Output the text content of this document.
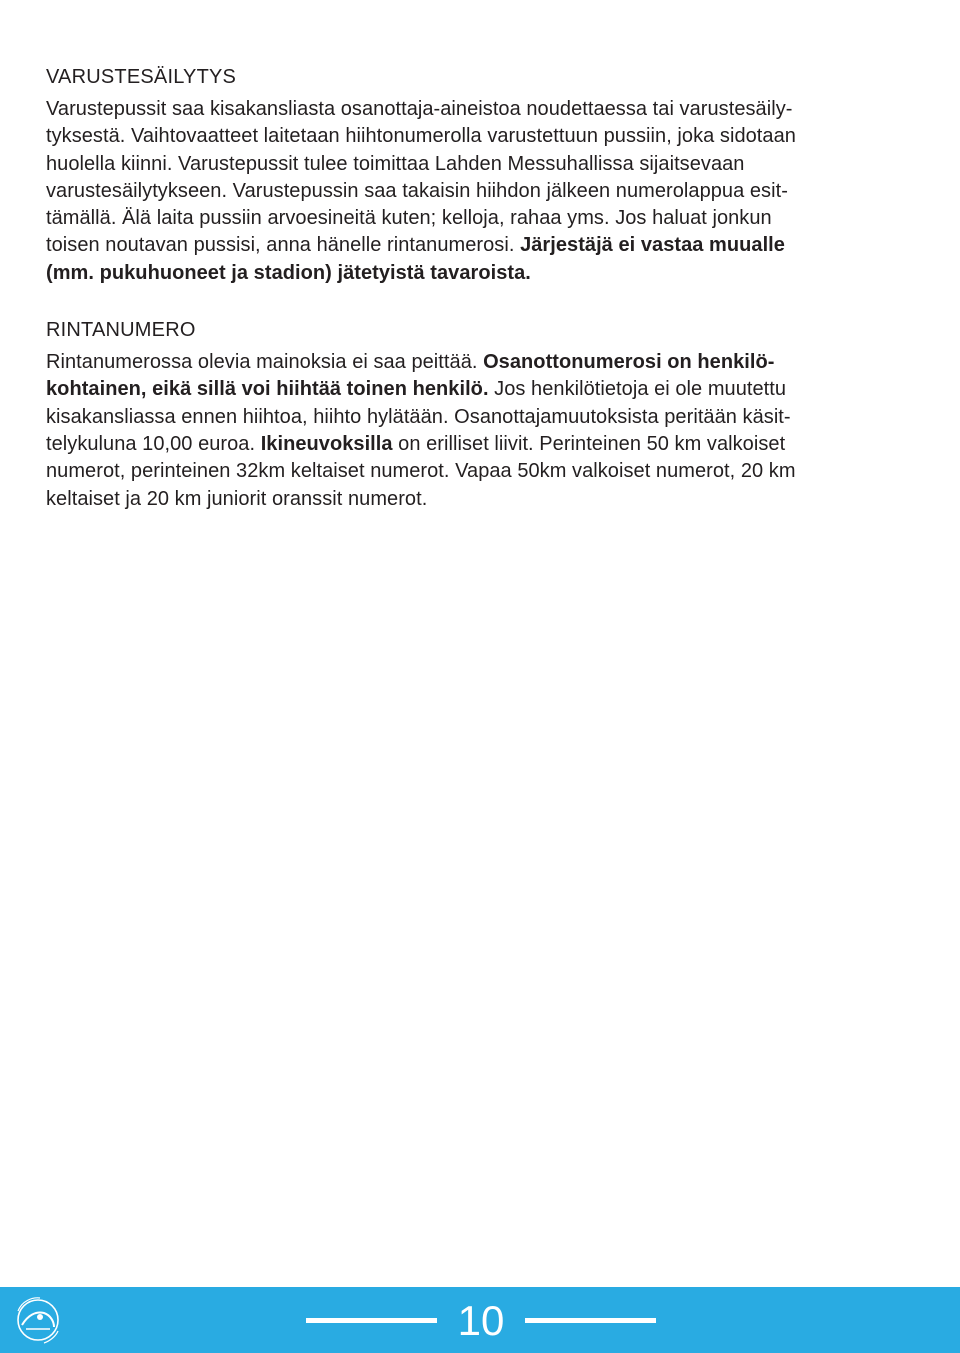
VARUSTESÄILYTYS
Varustepussit saa kisakansliasta osanottaja-aineistoa noudettaessa tai varustesäily-
tyksestä. Vaihtovaatteet laitetaan hiihtonumerolla varustettuun pussiin, joka sidotaan
huolella kiinni. Varustepussit tulee toimittaa Lahden Messuhallissa sijaitsevaan
varustesäilytykseen. Varustepussin saa takaisin hiihdon jälkeen numerolappua esit-
tämällä. Älä laita pussiin arvoesineitä kuten; kelloja, rahaa yms. Jos haluat jonkun
toisen noutavan pussisi, anna hänelle rintanumerosi. Järjestäjä ei vastaa muualle
(mm. pukuhuoneet ja stadion) jätetyistä tavaroista.
RINTANUMERO
Rintanumerossa olevia mainoksia ei saa peittää. Osanottonumerosi on henkilö-
kohtainen, eikä sillä voi hiihtää toinen henkilö. Jos henkilötietoja ei ole muutettu
kisakansliassa ennen hiihtoa, hiihto hylätään. Osanottajamuutoksista peritään käsit-
telykuluna 10,00 euroa. Ikineuvoksilla on erilliset liivit. Perinteinen 50 km valkoiset
numerot, perinteinen 32km keltaiset numerot. Vapaa 50km valkoiset numerot, 20 km
keltaiset ja 20 km juniorit oranssit numerot.
10
